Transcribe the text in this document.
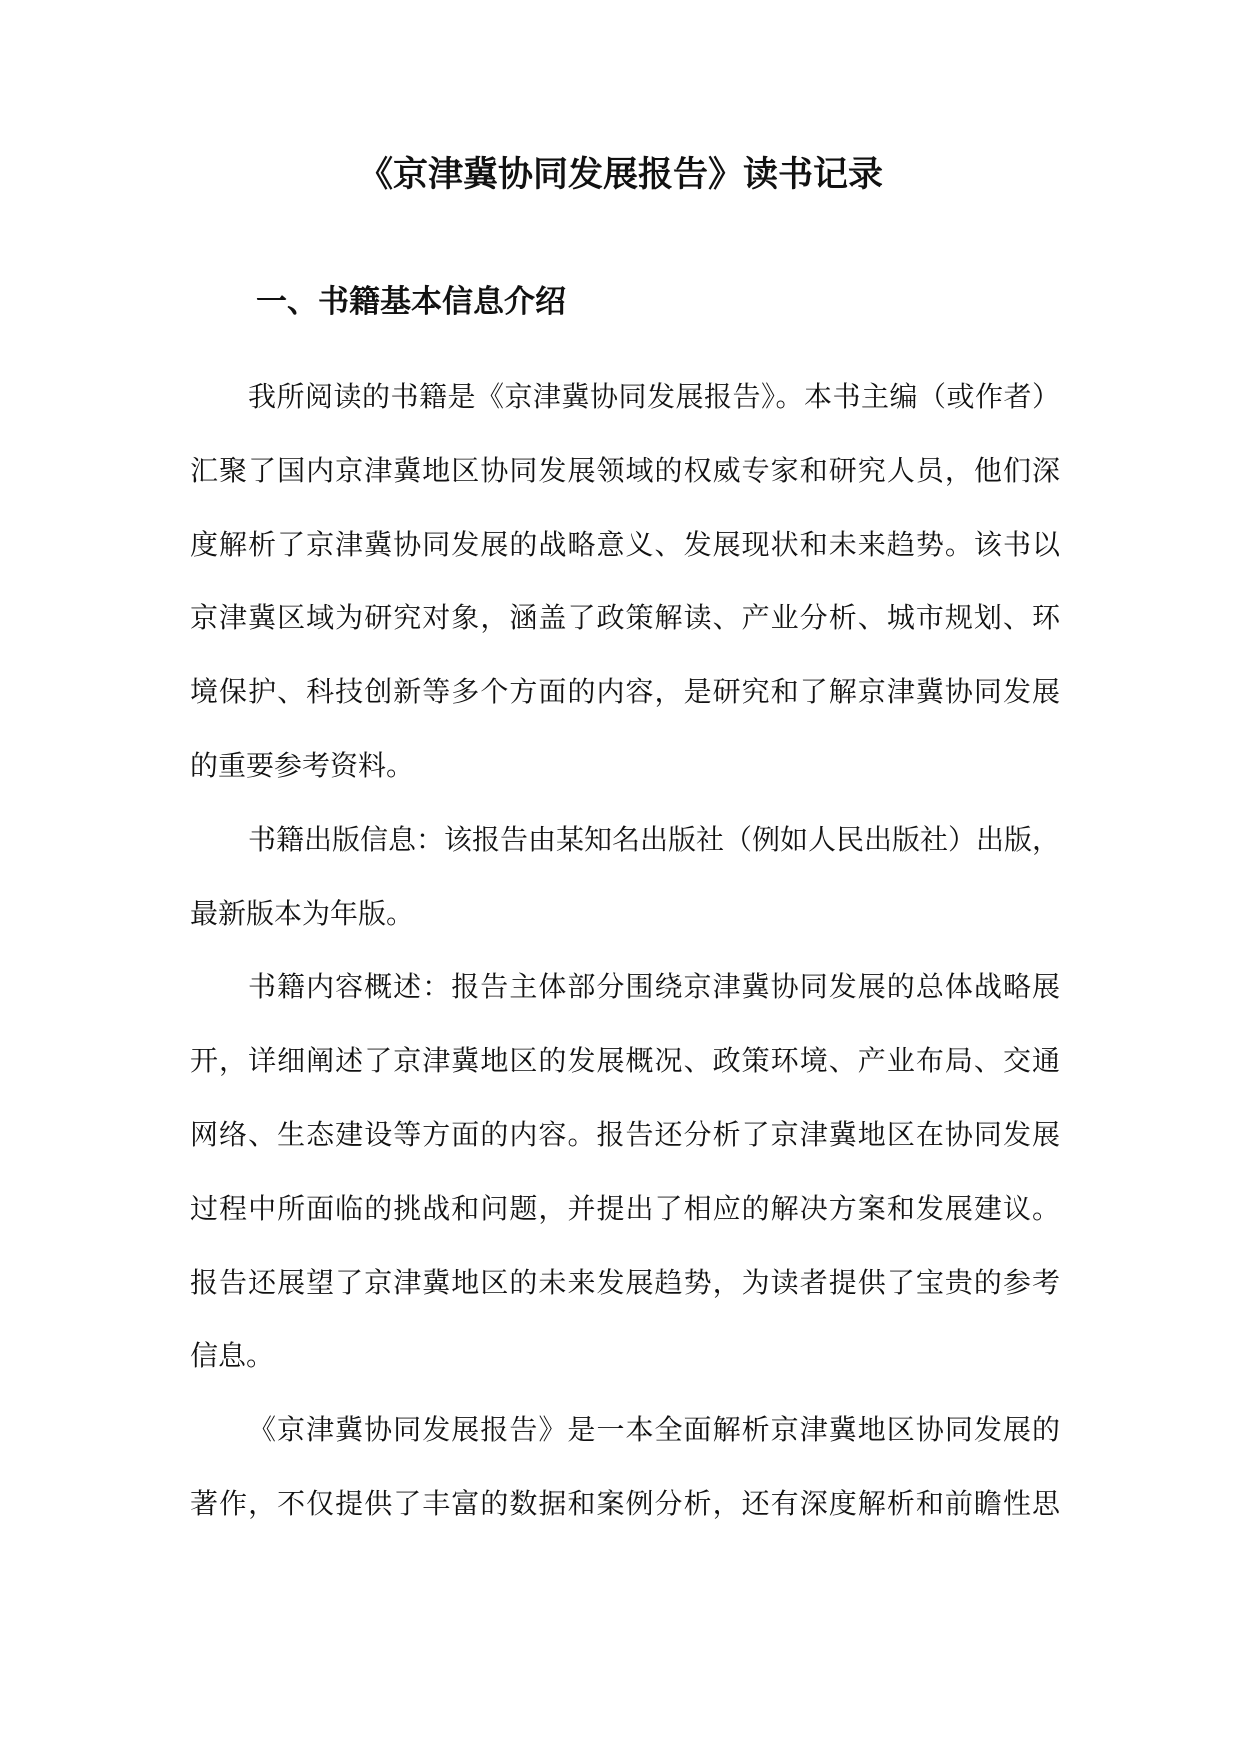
《京津冀协同发展报告》读书记录
一、书籍基本信息介绍
我所阅读的书籍是《京津冀协同发展报告》。本书主编（或作者）
汇聚了国内京津冀地区协同发展领域的权威专家和研究人员，他们深
度解析了京津冀协同发展的战略意义、发展现状和未来趋势。该书以
京津冀区域为研究对象，涵盖了政策解读、产业分析、城市规划、环
境保护、科技创新等多个方面的内容，是研究和了解京津冀协同发展
的重要参考资料。
书籍出版信息：该报告由某知名出版社（例如人民出版社）出版，
最新版本为年版。
书籍内容概述：报告主体部分围绕京津冀协同发展的总体战略展
开，详细阐述了京津冀地区的发展概况、政策环境、产业布局、交通
网络、生态建设等方面的内容。报告还分析了京津冀地区在协同发展
过程中所面临的挑战和问题，并提出了相应的解决方案和发展建议。
报告还展望了京津冀地区的未来发展趋势，为读者提供了宝贵的参考
信息。
《京津冀协同发展报告》是一本全面解析京津冀地区协同发展的
著作，不仅提供了丰富的数据和案例分析，还有深度解析和前瞻性思
